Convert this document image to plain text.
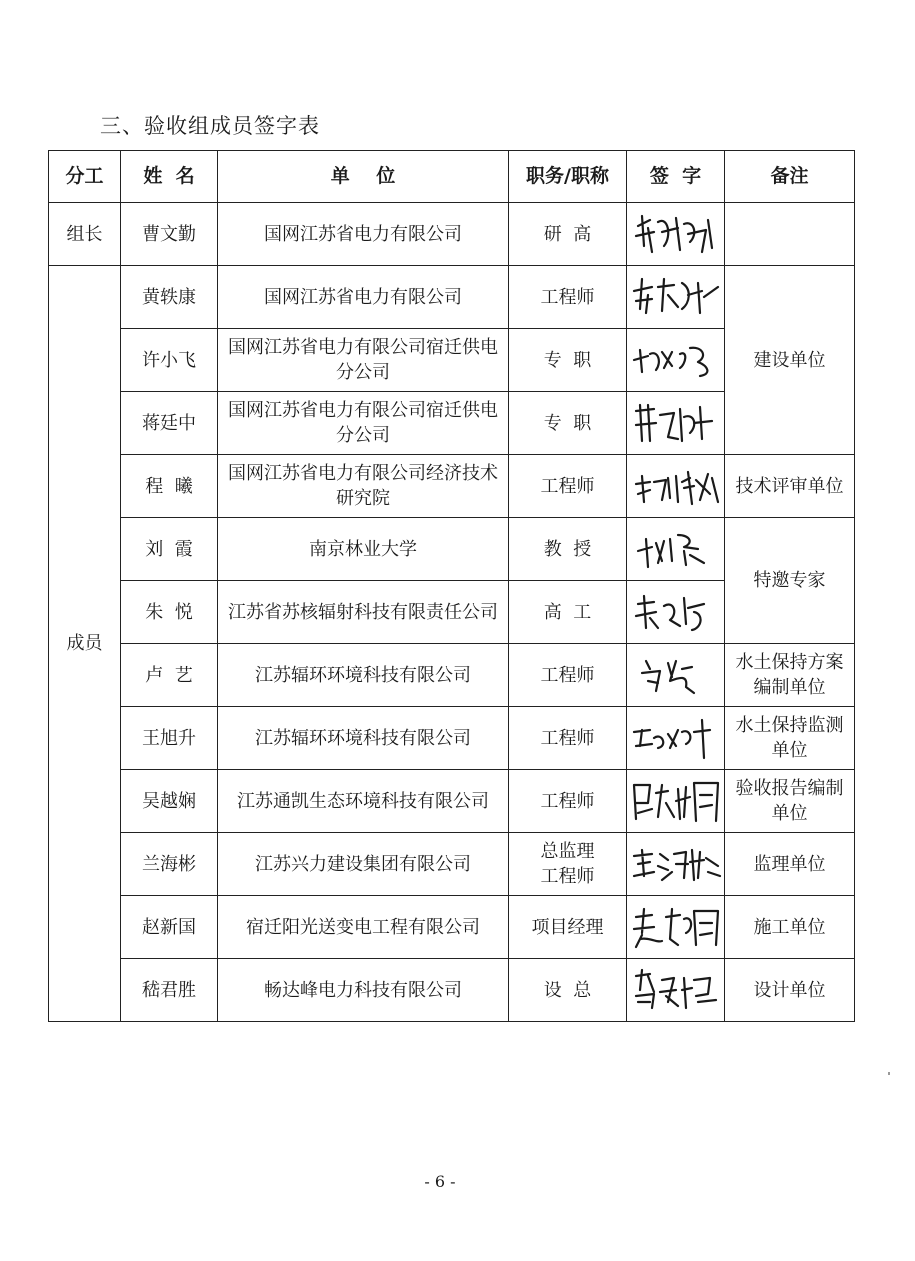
三、验收组成员签字表
分工	姓  名	单    位	职务/职称	签  字	备注
组长	曹文勤	国网江苏省电力有限公司	研  高	

成员	黄轶康	国网江苏省电力有限公司	工程师		建设单位
	许小飞	国网江苏省电力有限公司宿迁供电分公司	专  职	

	蒋廷中	国网江苏省电力有限公司宿迁供电分公司	专  职	

	程  曦	国网江苏省电力有限公司经济技术研究院	工程师		技术评审单位
	刘  霞	南京林业大学	教  授		特邀专家
	朱  悦	江苏省苏核辐射科技有限责任公司	高  工	

	卢  艺	江苏辐环环境科技有限公司	工程师		水土保持方案编制单位
	王旭升	江苏辐环环境科技有限公司	工程师		水土保持监测单位
	吴越娴	江苏通凯生态环境科技有限公司	工程师		验收报告编制单位
	兰海彬	江苏兴力建设集团有限公司	总监理工程师		监理单位
	赵新国	宿迁阳光送变电工程有限公司	项目经理		施工单位
	嵇君胜	畅达峰电力科技有限公司	设  总		设计单位
- 6 -
